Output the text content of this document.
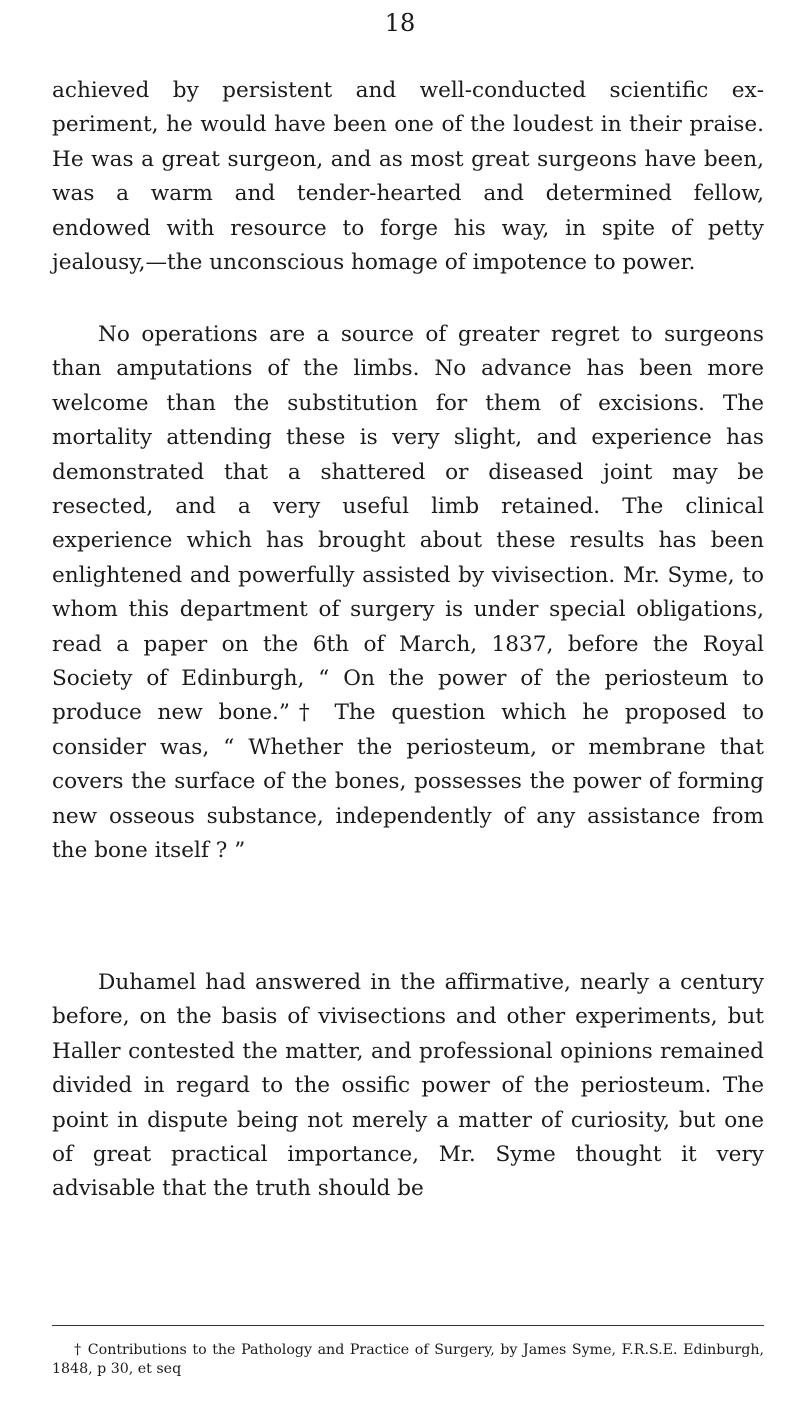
18

achieved by persistent and well-conducted scientific experiment, he would have been one of the loudest in their praise. He was a great surgeon, and as most great surgeons have been, was a warm and tender-hearted and determined fellow, endowed with resource to forge his way, in spite of petty jealousy,—the unconscious homage of impotence to power.

No operations are a source of greater regret to surgeons than amputations of the limbs. No advance has been more welcome than the substitution for them of excisions. The mortality attending these is very slight, and experience has demonstrated that a shattered or diseased joint may be resected, and a very useful limb retained. The clinical experience which has brought about these results has been enlightened and powerfully assisted by vivisection. Mr. Syme, to whom this department of surgery is under special obligations, read a paper on the 6th of March, 1837, before the Royal Society of Edinburgh, “ On the power of the periosteum to produce new bone.”† The question which he proposed to consider was, “ Whether the periosteum, or membrane that covers the surface of the bones, possesses the power of forming new osseous substance, independently of any assistance from the bone itself ? ”

Duhamel had answered in the affirmative, nearly a century before, on the basis of vivisections and other experiments, but Haller contested the matter, and professional opinions remained divided in regard to the ossific power of the periosteum. The point in dispute being not merely a matter of curiosity, but one of great practical importance, Mr. Syme thought it very advisable that the truth should be

† Contributions to the Pathology and Practice of Surgery, by James Syme, F.R.S.E. Edinburgh, 1848, p 30, et seq
